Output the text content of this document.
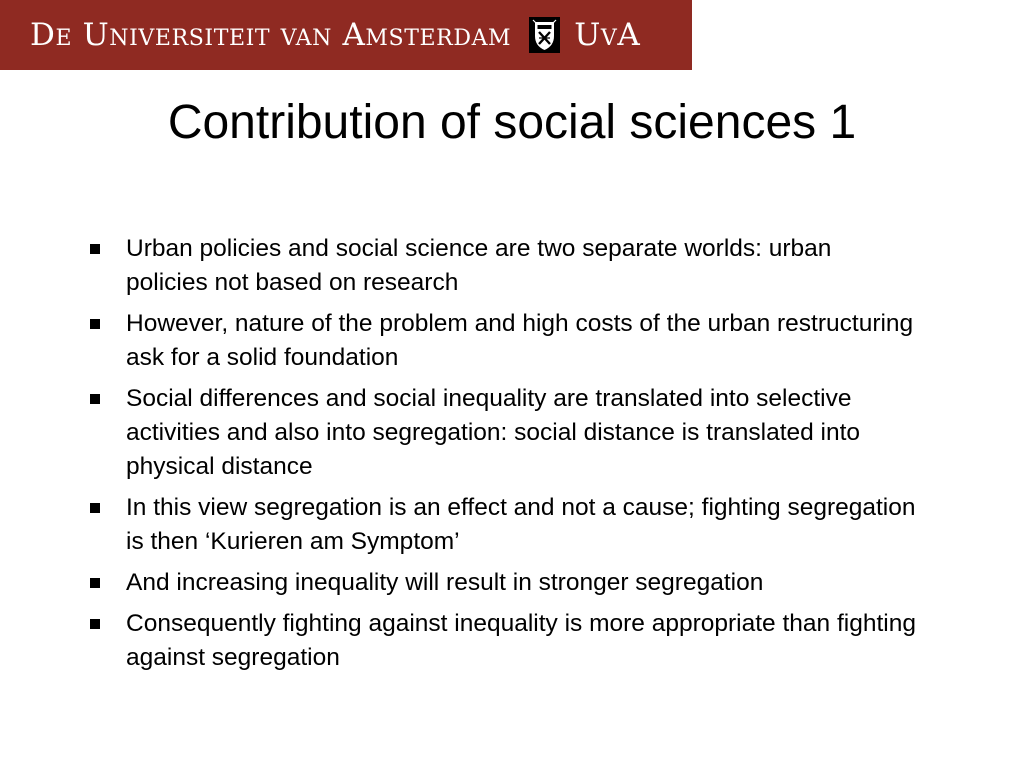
De Universiteit van Amsterdam UvA
Contribution of social sciences 1
Urban policies and social science are two separate worlds: urban policies not based on research
However, nature of the problem and high costs of the urban restructuring ask for a solid foundation
Social differences and social inequality are translated into selective activities and also into segregation: social distance is translated into physical distance
In this view segregation is an effect and not a cause; fighting segregation is then ‘Kurieren am Symptom’
And increasing inequality will result in stronger segregation
Consequently fighting against inequality is more appropriate than fighting against segregation
